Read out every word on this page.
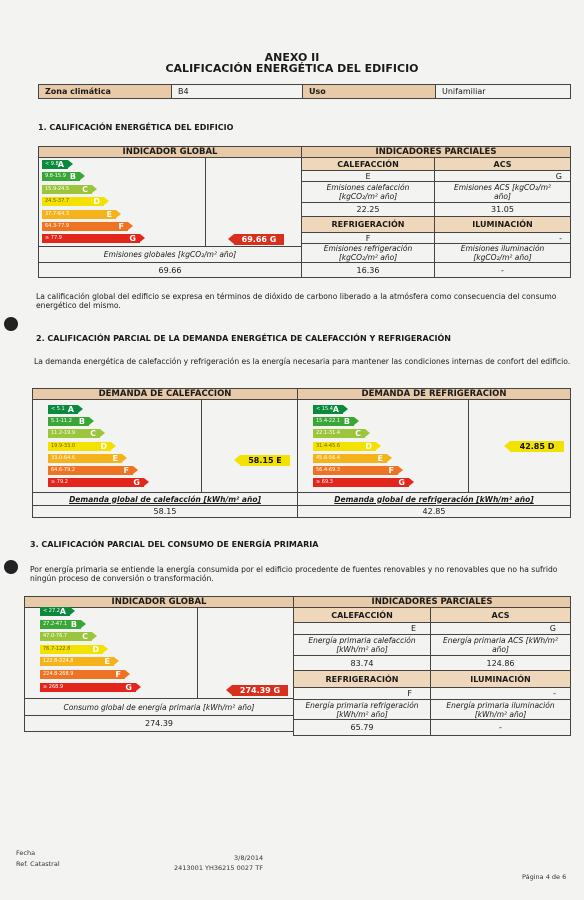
ANEXO II
CALIFICACIÓN ENERGÉTICA DEL EDIFICIO
Zona climática	B4	Uso	Unifamiliar
1. CALIFICACIÓN ENERGÉTICA DEL EDIFICIO
INDICADOR GLOBAL
< 9.8 A
9.8-15.9 B
15.9-24.5 C
24.5-37.7	D
37.7-64.3	E
64.3-77.9	F
≥ 77.9	G	69.66 G
Emisiones globales [kgCO₂/m² año]
69.66
INDICADORES PARCIALES
CALEFACCIÓN	ACS
E	G
Emisiones calefacción [kgCO₂/m² año]
Emisiones ACS [kgCO₂/m² año]
22.25	31.05
REFRIGERACIÓN	ILUMINACIÓN
F	-
Emisiones refrigeración [kgCO₂/m² año]
Emisiones iluminación [kgCO₂/m² año]
16.36	-
La calificación global del edificio se expresa en términos de dióxido de carbono liberado a la atmósfera como consecuencia del consumo energético del mismo.
2. CALIFICACIÓN PARCIAL DE LA DEMANDA ENERGÉTICA DE CALEFACCIÓN Y REFRIGERACIÓN
La demanda energética de calefacción y refrigeración es la energía necesaria para mantener las condiciones internas de confort del edificio.
DEMANDA DE CALEFACCIÓN	DEMANDA DE REFRIGERACIÓN
< 5.1 A
5.1-11.2 B
11.2-19.9 C
19.9-33.0	D
33.0-64.6	E
64.6-79.2	F
≥ 79.2	G
< 15.4 A
15.4-22.1 B
22.1-31.4 C
31.4-45.6	D
45.6-56.4	E
56.4-69.3	F
≥ 69.3	G
58.15 E
42.85 D
Demanda global de calefacción [kWh/m² año]	Demanda global de refrigeración [kWh/m² año]
58.15	42.85
3. CALIFICACIÓN PARCIAL DEL CONSUMO DE ENERGÍA PRIMARIA
Por energía primaria se entiende la energía consumida por el edificio procedente de fuentes renovables y no renovables que no ha sufrido ningún proceso de conversión o transformación.
INDICADOR GLOBAL
< 27.2 A
27.2-47.1 B
47.0-76.7 C
76.7-122.8	D
122.8-224.8	E
224.8-268.9	F
≥ 268.9	G	274.39 G
Consumo global de energía primaria [kWh/m² año]
274.39
INDICADORES PARCIALES
CALEFACCIÓN	ACS
E	G
Energía primaria calefacción [kWh/m² año]
Energía primaria ACS [kWh/m² año]
83.74	124.86
REFRIGERACIÓN	ILUMINACIÓN
F	-
Energía primaria refrigeración [kWh/m² año]
Energía primaria iluminación [kWh/m² año]
65.79	-
Fecha
Ref. Catastral
3/8/2014
2413001 YH36215 0027 TF
Página 4 de 6
